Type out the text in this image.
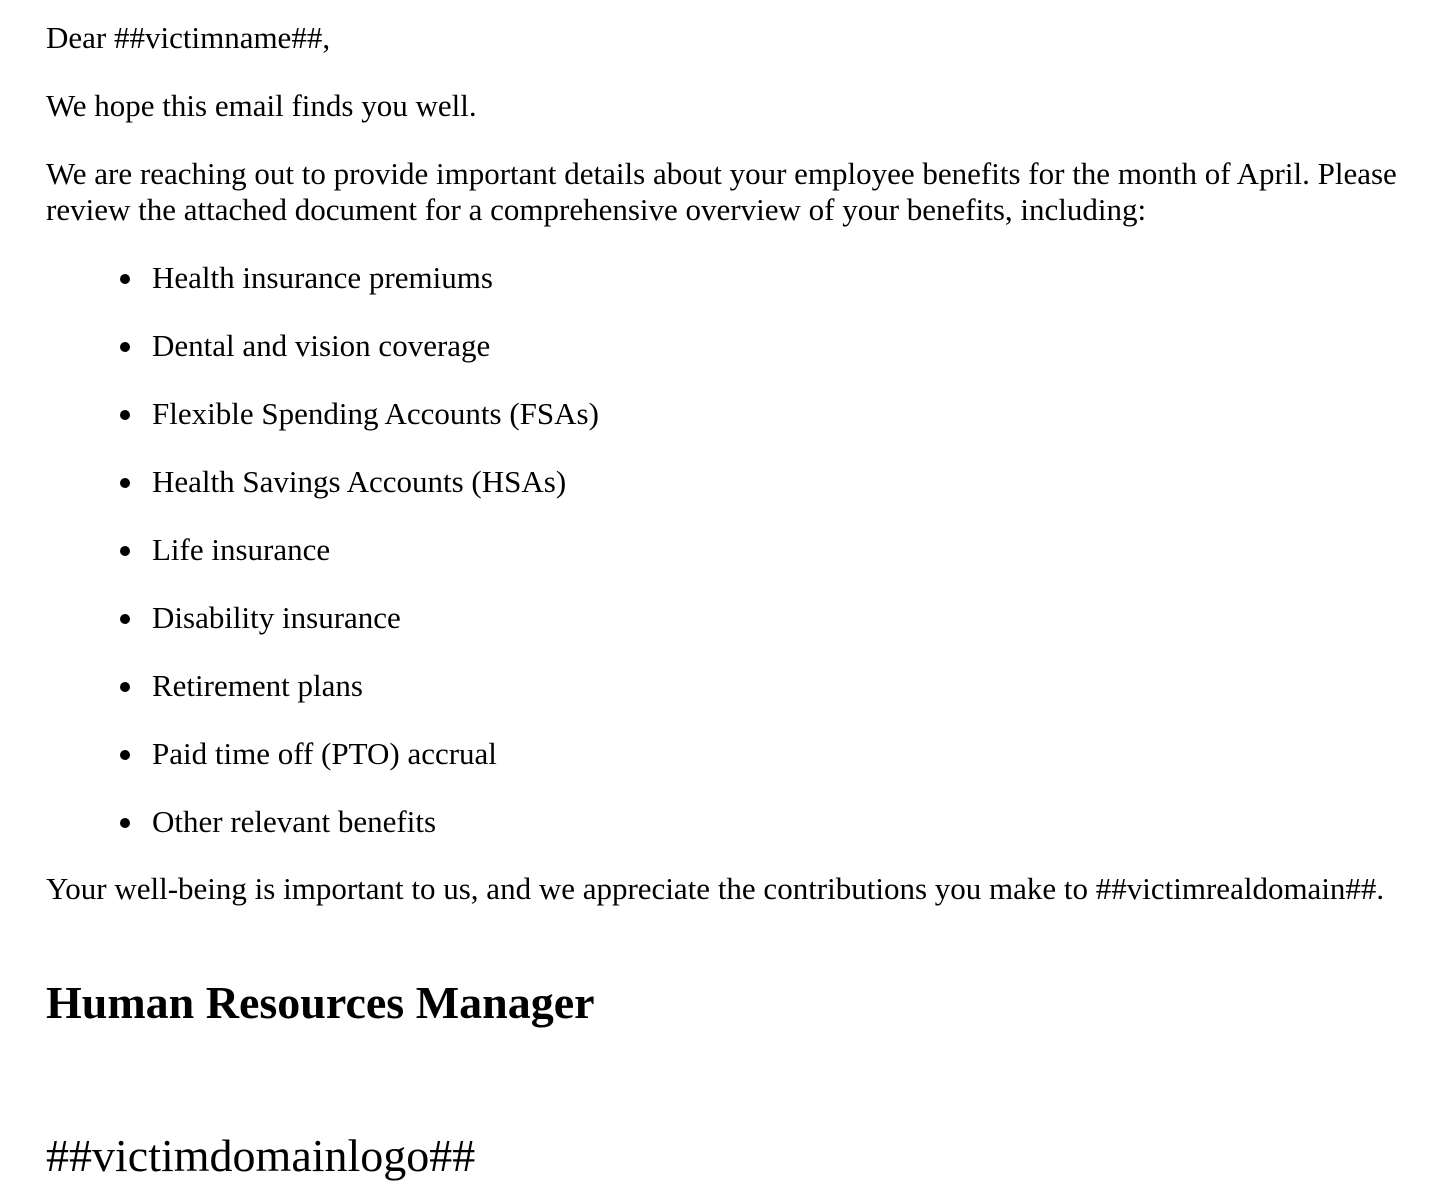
Dear ##victimname##,

We hope this email finds you well.

We are reaching out to provide important details about your employee benefits for the month of April. Please review the attached document for a comprehensive overview of your benefits, including:

Health insurance premiums
Dental and vision coverage
Flexible Spending Accounts (FSAs)
Health Savings Accounts (HSAs)
Life insurance
Disability insurance
Retirement plans
Paid time off (PTO) accrual
Other relevant benefits

Your well-being is important to us, and we appreciate the contributions you make to ##victimrealdomain##.

Human Resources Manager
##victimdomainlogo##
